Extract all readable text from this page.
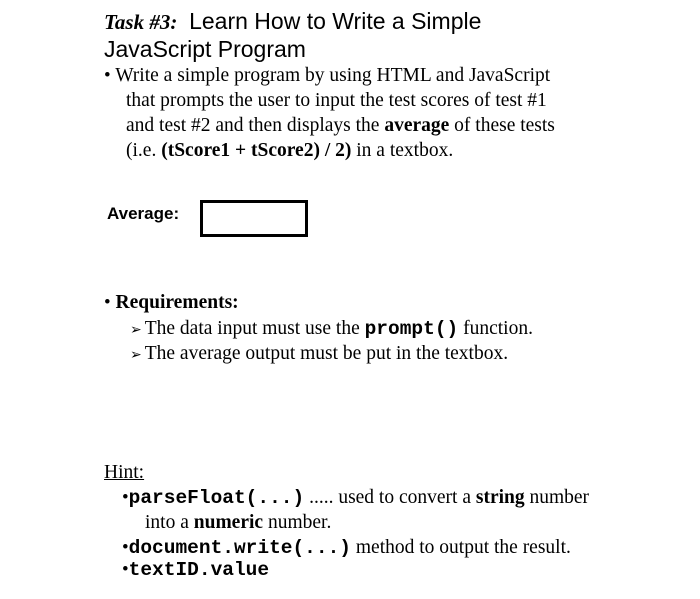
Task #3: Learn How to Write a Simple
JavaScript Program
• Write a simple program by using HTML and JavaScript
that prompts the user to input the test scores of test #1
and test #2 and then displays the average of these tests
(i.e. (tScore1 + tScore2) / 2) in a textbox.
Average:
• Requirements:
➢ The data input must use the prompt() function.
➢ The average output must be put in the textbox.
Hint:
•parseFloat(...) ..... used to convert a string number
into a numeric number.
•document.write(...) method to output the result.
•textID.value
